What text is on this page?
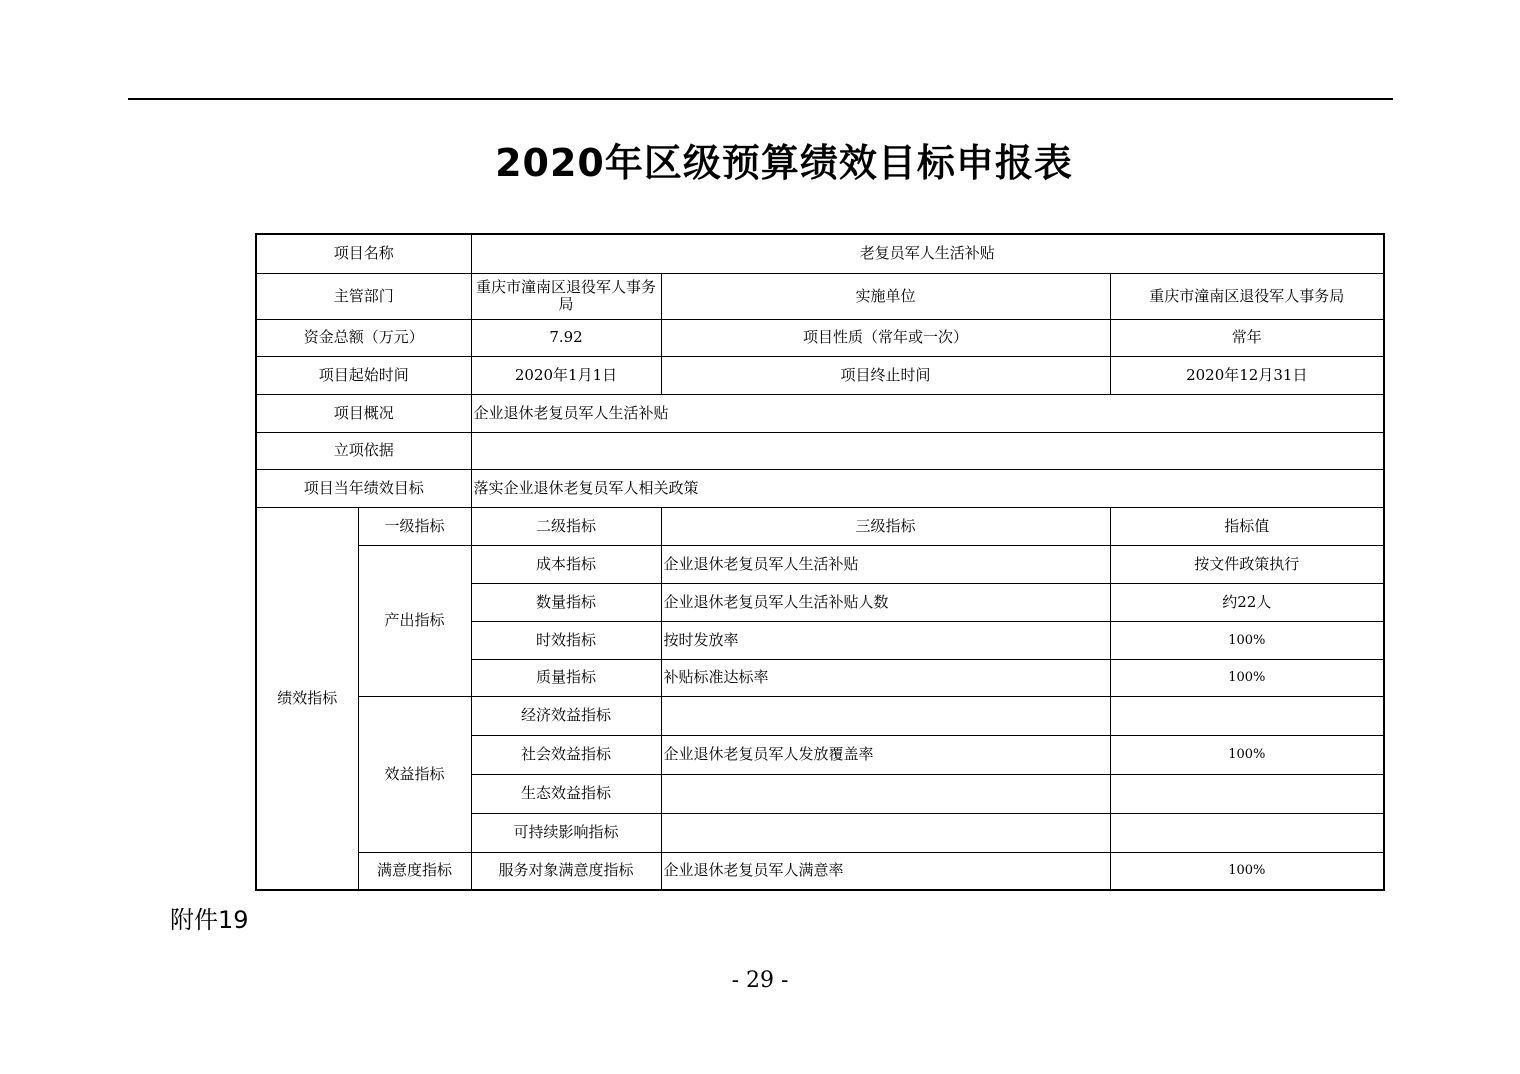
2020年区级预算绩效目标申报表
项目名称		老复员军人生活补贴		
主管部门		重庆市潼南区退役军人事务局	实施单位	重庆市潼南区退役军人事务局
资金总额（万元）		7.92	项目性质（常年或一次）	常年
项目起始时间		2020年1月1日	项目终止时间	2020年12月31日
项目概况		企业退休老复员军人生活补贴		
立项依据				
项目当年绩效目标		落实企业退休老复员军人相关政策		
绩效指标	一级指标	二级指标	三级指标	指标值
	产出指标	成本指标	企业退休老复员军人生活补贴	按文件政策执行
		数量指标	企业退休老复员军人生活补贴人数	约22人
		时效指标	按时发放率	100%
		质量指标	补贴标准达标率	100%
	效益指标	经济效益指标		
		社会效益指标	企业退休老复员军人发放覆盖率	100%
		生态效益指标		
		可持续影响指标		
	满意度指标	服务对象满意度指标	企业退休老复员军人满意率	100%
附件19
- 29 -
